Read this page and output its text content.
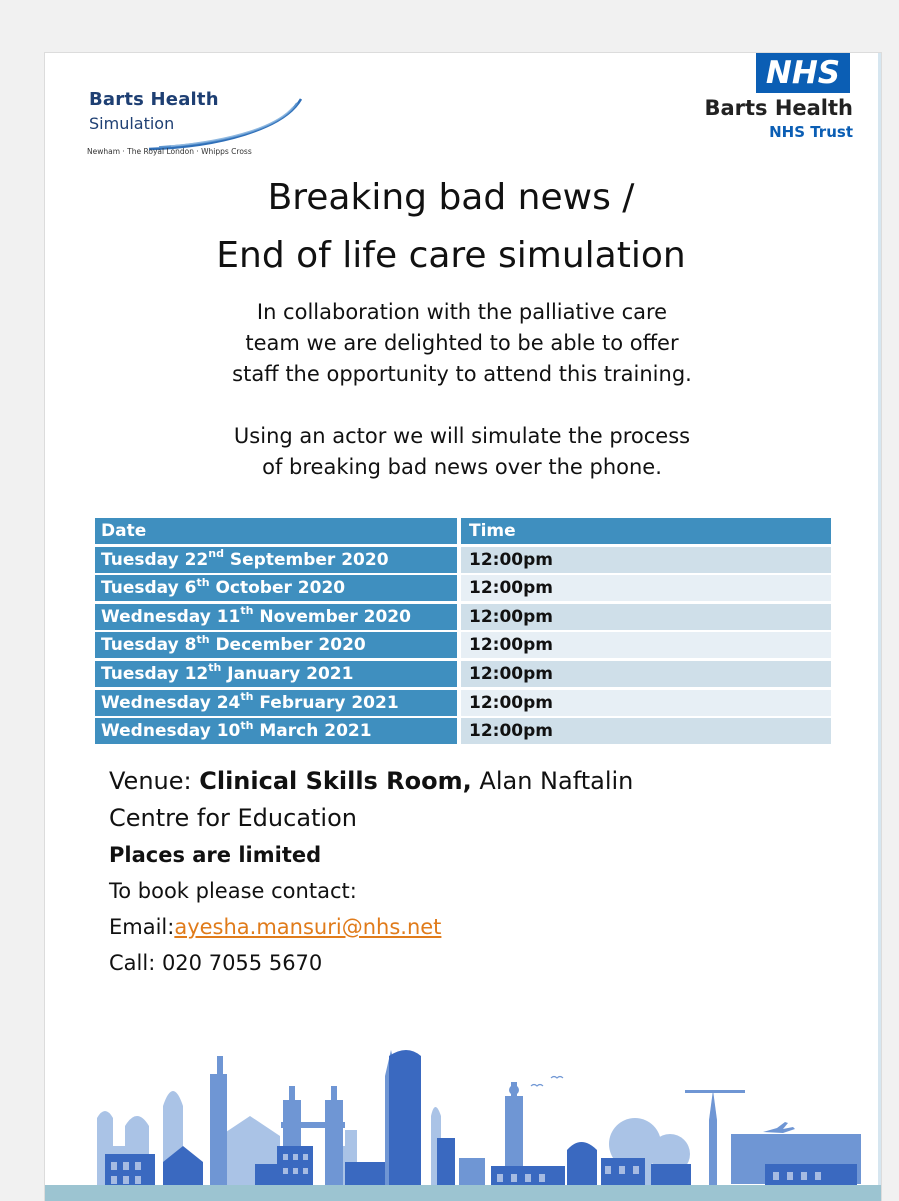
Barts Health
Simulation
Newham · The Royal London · Whipps Cross
NHS
Barts Health
NHS Trust
Breaking bad news /
End of life care simulation

In collaboration with the palliative care

team we are delighted to be able to offer

staff the opportunity to attend this training.

Using an actor we will simulate the process

of breaking bad news over the phone.

Date	Time
Tuesday 22nd September 2020	12:00pm
Tuesday 6th October 2020	12:00pm
Wednesday 11th November 2020	12:00pm
Tuesday 8th December 2020	12:00pm
Tuesday 12th January 2021	12:00pm
Wednesday 24th February 2021	12:00pm
Wednesday 10th March 2021	12:00pm
Venue: Clinical Skills Room, Alan Naftalin
Centre for Education
Places are limited
To book please contact:
Email:ayesha.mansuri@nhs.net
Call: 020 7055 5670
